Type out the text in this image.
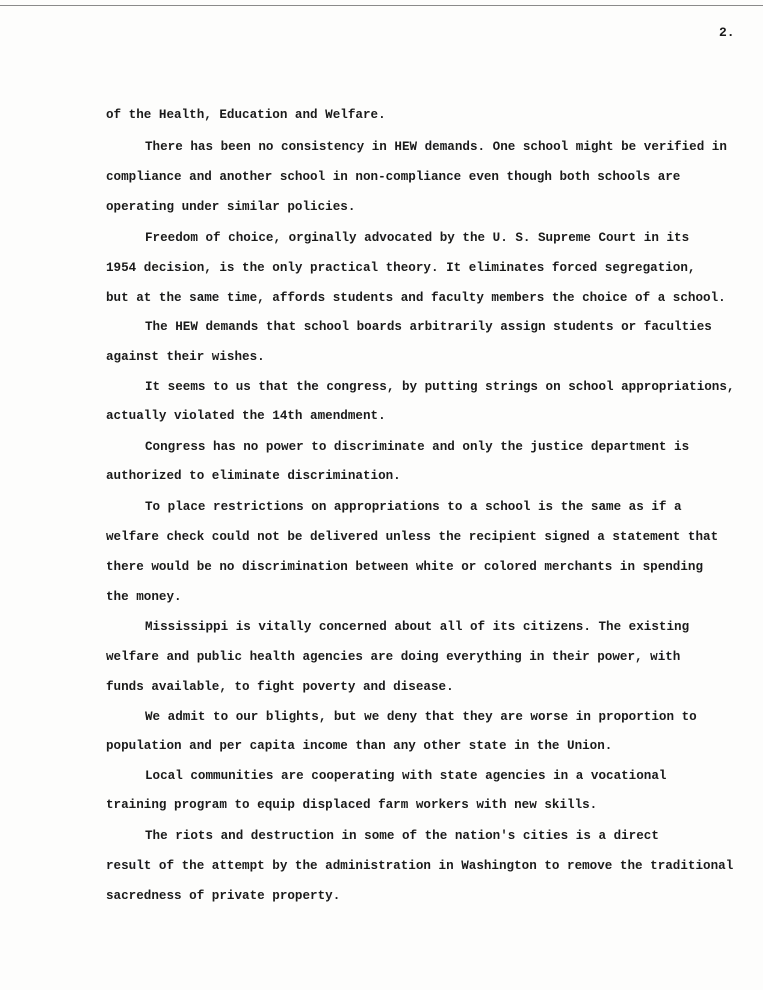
2.
of the Health, Education and Welfare.
There has been no consistency in HEW demands. One school might be verified in
compliance and another school in non-compliance even though both schools are
operating under similar policies.
Freedom of choice, orginally advocated by the U. S. Supreme Court in its
1954 decision, is the only practical theory. It eliminates forced segregation,
but at the same time, affords students and faculty members the choice of a school.
The HEW demands that school boards arbitrarily assign students or faculties
against their wishes.
It seems to us that the congress, by putting strings on school appropriations,
actually violated the 14th amendment.
Congress has no power to discriminate and only the justice department is
authorized to eliminate discrimination.
To place restrictions on appropriations to a school is the same as if a
welfare check could not be delivered unless the recipient signed a statement that
there would be no discrimination between white or colored merchants in spending
the money.
Mississippi is vitally concerned about all of its citizens. The existing
welfare and public health agencies are doing everything in their power, with
funds available, to fight poverty and disease.
We admit to our blights, but we deny that they are worse in proportion to
population and per capita income than any other state in the Union.
Local communities are cooperating with state agencies in a vocational
training program to equip displaced farm workers with new skills.
The riots and destruction in some of the nation's cities is a direct
result of the attempt by the administration in Washington to remove the traditional
sacredness of private property.
